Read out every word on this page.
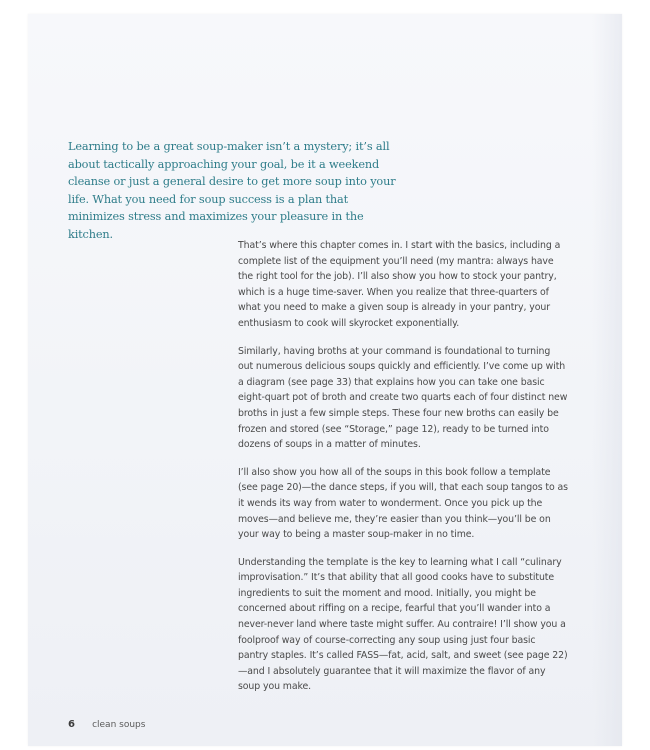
Learning to be a great soup-maker isn’t a mystery; it’s all about tactically approaching your goal, be it a weekend cleanse or just a general desire to get more soup into your life. What you need for soup success is a plan that minimizes stress and maximizes your pleasure in the kitchen.

That’s where this chapter comes in. I start with the basics, including a complete list of the equipment you’ll need (my mantra: always have the right tool for the job). I’ll also show you how to stock your pantry, which is a huge time-saver. When you realize that three-quarters of what you need to make a given soup is already in your pantry, your enthusiasm to cook will skyrocket exponentially.

Similarly, having broths at your command is foundational to turning out numerous delicious soups quickly and efficiently. I’ve come up with a diagram (see page 33) that explains how you can take one basic eight-quart pot of broth and create two quarts each of four distinct new broths in just a few simple steps. These four new broths can easily be frozen and stored (see “Storage,” page 12), ready to be turned into dozens of soups in a matter of minutes.

I’ll also show you how all of the soups in this book follow a template (see page 20)—the dance steps, if you will, that each soup tangos to as it wends its way from water to wonderment. Once you pick up the moves—and believe me, they’re easier than you think—you’ll be on your way to being a master soup-maker in no time.

Understanding the template is the key to learning what I call “culinary improvisation.” It’s that ability that all good cooks have to substitute ingredients to suit the moment and mood. Initially, you might be concerned about riffing on a recipe, fearful that you’ll wander into a never-never land where taste might suffer. Au contraire! I’ll show you a foolproof way of course-correcting any soup using just four basic pantry staples. It’s called FASS—fat, acid, salt, and sweet (see page 22)—and I absolutely guarantee that it will maximize the flavor of any soup you make.

6 clean soups
